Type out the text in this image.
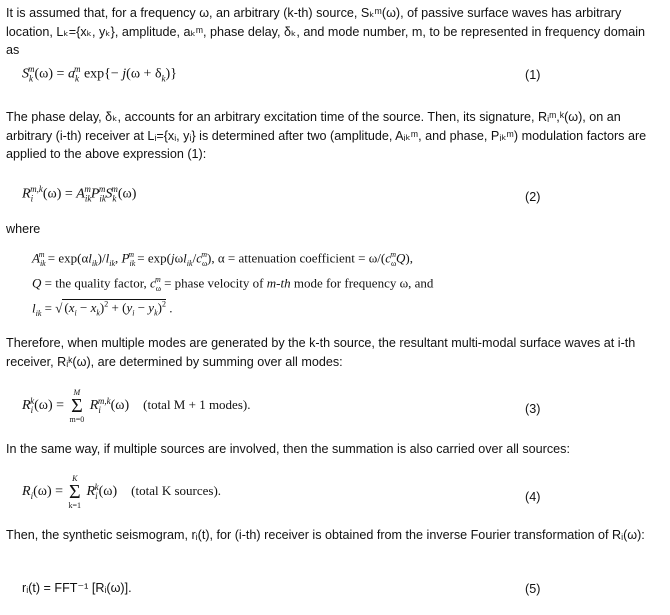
It is assumed that, for a frequency ω, an arbitrary (k-th) source, Sₖᵐ(ω), of passive surface waves has arbitrary location, Lₖ={xₖ, yₖ}, amplitude, aₖᵐ, phase delay, δₖ, and mode number, m, to be represented in frequency domain as

$S_k^m(\omega) = a_k^m$ $\exp\{- j(\omega + \delta_k)\}$	(1)

The phase delay, δₖ, accounts for an arbitrary excitation time of the source. Then, its signature, Rᵢᵐ,ᵏ(ω), on an arbitrary (i-th) receiver at Lᵢ={xᵢ, yᵢ} is determined after two (amplitude, Aᵢₖᵐ, and phase, Pᵢₖᵐ) modulation factors are applied to the above expression (1):

$R_i^{m,k}(\omega) = A_{ik}^mP_{ik}^mS_k^m(\omega)$	(2)

where

$A_{ik}^m = \exp(\alpha l_{ik})/l_{ik}$, $P_{ik}^m = \exp(j\omega l_{ik}/c_\omega^m)$, α = attenuation coefficient = $\omega/(c_\omega^mQ)$,
Q = the quality factor, $c_\omega^m$ = phase velocity of m-th mode for frequency ω, and
$l_{ik}$ = √ $(x_i - x_k)^2 + (y_i - y_k)^2$ .

Therefore, when multiple modes are generated by the k-th source, the resultant multi-modal surface waves at i-th receiver, Rᵢᵏ(ω), are determined by summing over all modes:

$R_i^k(\omega)$ =
M
Σ
m=0
$R_i^{m,k}(\omega)$    (total M + 1 modes).	(3)

In the same way, if multiple sources are involved, then the summation is also carried over all sources:

$R_i(\omega)$ =
K
Σ
k=1
$R_i^k(\omega)$    (total K sources).	(4)

Then, the synthetic seismogram, rᵢ(t), for (i-th) receiver is obtained from the inverse Fourier transformation of Rᵢ(ω):

rᵢ(t) = FFT⁻¹ [Rᵢ(ω)].	(5)
